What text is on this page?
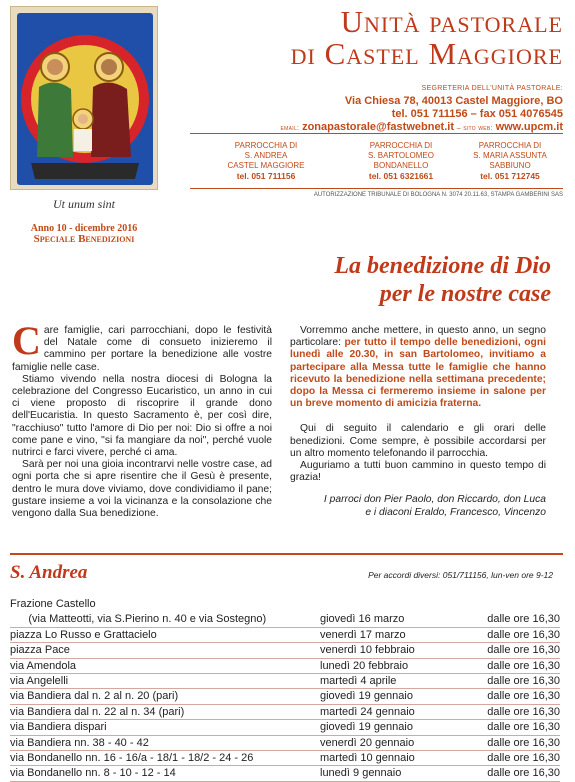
Ut unum sint
Anno 10 - dicembre 2016
Speciale Benedizioni
Unità pastorale
di Castel Maggiore
SEGRETERIA DELL'UNITÀ PASTORALE:
Via Chiesa 78, 40013 Castel Maggiore, BO
tel. 051 711156 – fax 051 4076545
email: zonapastorale@fastwebnet.it – sito web: www.upcm.it
PARROCCHIA DI
S. ANDREA
CASTEL MAGGIORE
tel. 051 711156
PARROCCHIA DI
S. BARTOLOMEO
BONDANELLO
tel. 051 6321661
PARROCCHIA DI
S. MARIA ASSUNTA
SABBIUNO
tel. 051 712745
AUTORIZZAZIONE TRIBUNALE DI BOLOGNA N. 3074 20.11.63, STAMPA GAMBERINI SAS
La benedizione di Dio
per le nostre case

Care famiglie, cari parrocchiani, dopo le festività del Natale come di consueto inizieremo il cammino per portare la benedizione alle vostre famiglie nelle case.

Stiamo vivendo nella nostra diocesi di Bologna la celebrazione del Congresso Eucaristico, un anno in cui ci viene proposto di riscoprire il grande dono dell'Eucaristia. In questo Sacramento è, per così dire, "racchiuso" tutto l'amore di Dio per noi: Dio si offre a noi come pane e vino, "si fa mangiare da noi", perché vuole nutrirci e farci vivere, perché ci ama.

Sarà per noi una gioia incontrarvi nelle vostre case, ad ogni porta che si apre risentire che il Gesù è presente, dentro le mura dove viviamo, dove condividiamo il pane; gustare insieme a voi la vicinanza e la consolazione che vengono dalla Sua benedizione.

Vorremmo anche mettere, in questo anno, un segno particolare: per tutto il tempo delle benedizioni, ogni lunedì alle 20.30, in san Bartolomeo, invitiamo a partecipare alla Messa tutte le famiglie che hanno ricevuto la benedizione nella settimana precedente; dopo la Messa ci fermeremo insieme in salone per un breve momento di amicizia fraterna.

Qui di seguito il calendario e gli orari delle benedizioni. Come sempre, è possibile accordarsi per un altro momento telefonando il parrocchia.

Auguriamo a tutti buon cammino in questo tempo di grazia!

I parroci don Pier Paolo, don Riccardo, don Luca
e i diaconi Eraldo, Francesco, Vincenzo

S. Andrea	Per accordi diversi: 051/711156, lun-ven ore 9-12
Frazione Castello
(via Matteotti, via S.Pierino n. 40 e via Sostegno)	giovedì 16 marzo	dalle ore 16,30
piazza Lo Russo e Grattacielo	venerdì 17 marzo	dalle ore 16,30
piazza Pace	venerdì 10 febbraio	dalle ore 16,30
via Amendola	lunedì 20 febbraio	dalle ore 16,30
via Angelelli	martedì 4 aprile	dalle ore 16,30
via Bandiera dal n. 2 al n. 20 (pari)	giovedì 19 gennaio	dalle ore 16,30
via Bandiera dal n. 22 al n. 34 (pari)	martedì 24 gennaio	dalle ore 16,30
via Bandiera dispari	giovedì 19 gennaio	dalle ore 16,30
via Bandiera nn. 38 - 40 - 42	venerdì 20 gennaio	dalle ore 16,30
via Bondanello nn. 16 - 16/a - 18/1 - 18/2 - 24 - 26	martedì 10 gennaio	dalle ore 16,30
via Bondanello nn. 8 - 10 - 12 - 14	lunedì 9 gennaio	dalle ore 16,30
